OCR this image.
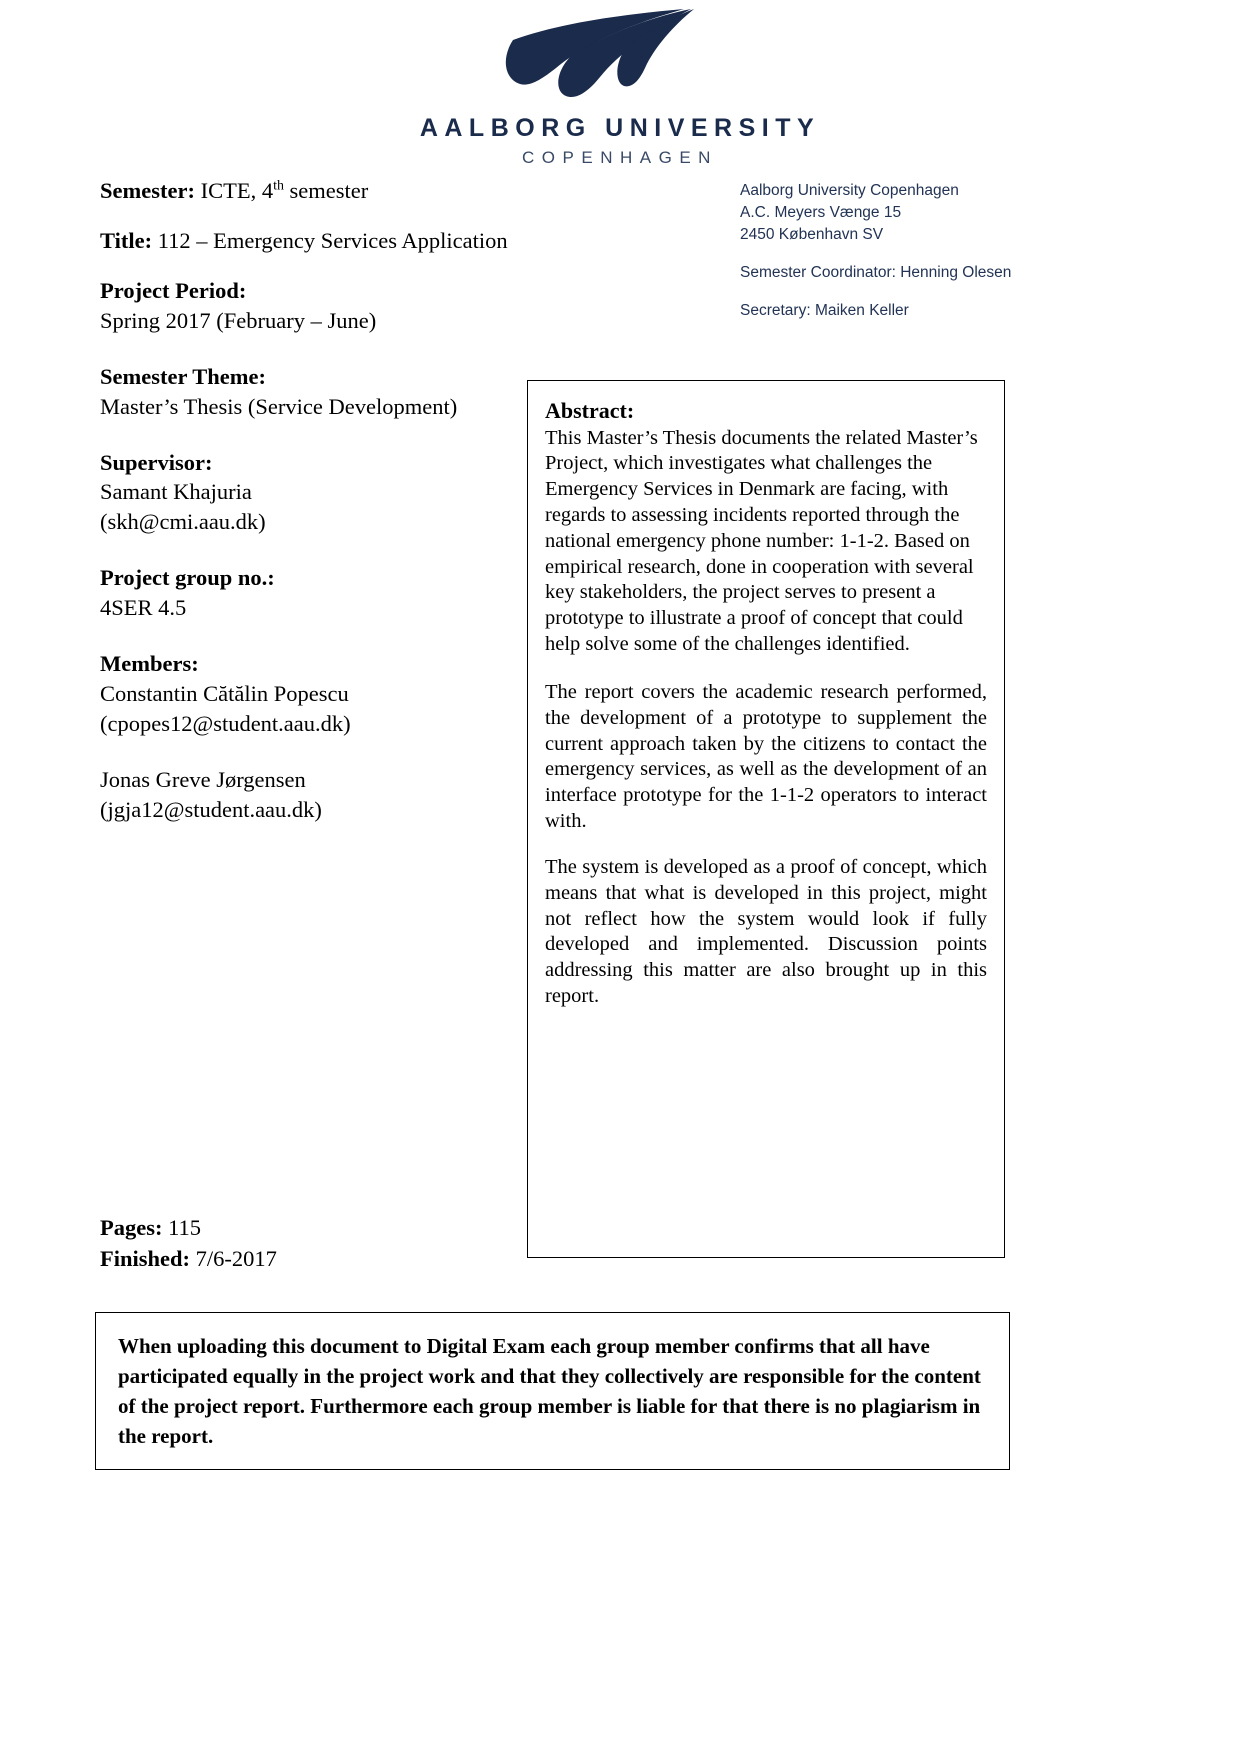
AALBORG UNIVERSITY
COPENHAGEN

Semester: ICTE, 4th semester

Title: 112 – Emergency Services Application

Project Period:
Spring 2017 (February – June)
Semester Theme:
Master’s Thesis (Service Development)
Supervisor:
Samant Khajuria
(skh@cmi.aau.dk)
Project group no.:
4SER 4.5
Members:
Constantin Cătălin Popescu
(cpopes12@student.aau.dk)

Jonas Greve Jørgensen
(jgja12@student.aau.dk)

Aalborg University Copenhagen
A.C. Meyers Vænge 15
2450 København SV

Semester Coordinator: Henning Olesen

Secretary: Maiken Keller

Abstract:

This Master’s Thesis documents the related Master’s Project, which investigates what challenges the Emergency Services in Denmark are facing, with regards to assessing incidents reported through the national emergency phone number: 1-1-2. Based on empirical research, done in cooperation with several key stakeholders, the project serves to present a prototype to illustrate a proof of concept that could help solve some of the challenges identified.

The report covers the academic research performed, the development of a prototype to supplement the current approach taken by the citizens to contact the emergency services, as well as the development of an interface prototype for the 1-1-2 operators to interact with.

The system is developed as a proof of concept, which means that what is developed in this project, might not reflect how the system would look if fully developed and implemented. Discussion points addressing this matter are also brought up in this report.

Pages: 115
Finished: 7/6-2017

When uploading this document to Digital Exam each group member confirms that all have participated equally in the project work and that they collectively are responsible for the content of the project report. Furthermore each group member is liable for that there is no plagiarism in the report.
